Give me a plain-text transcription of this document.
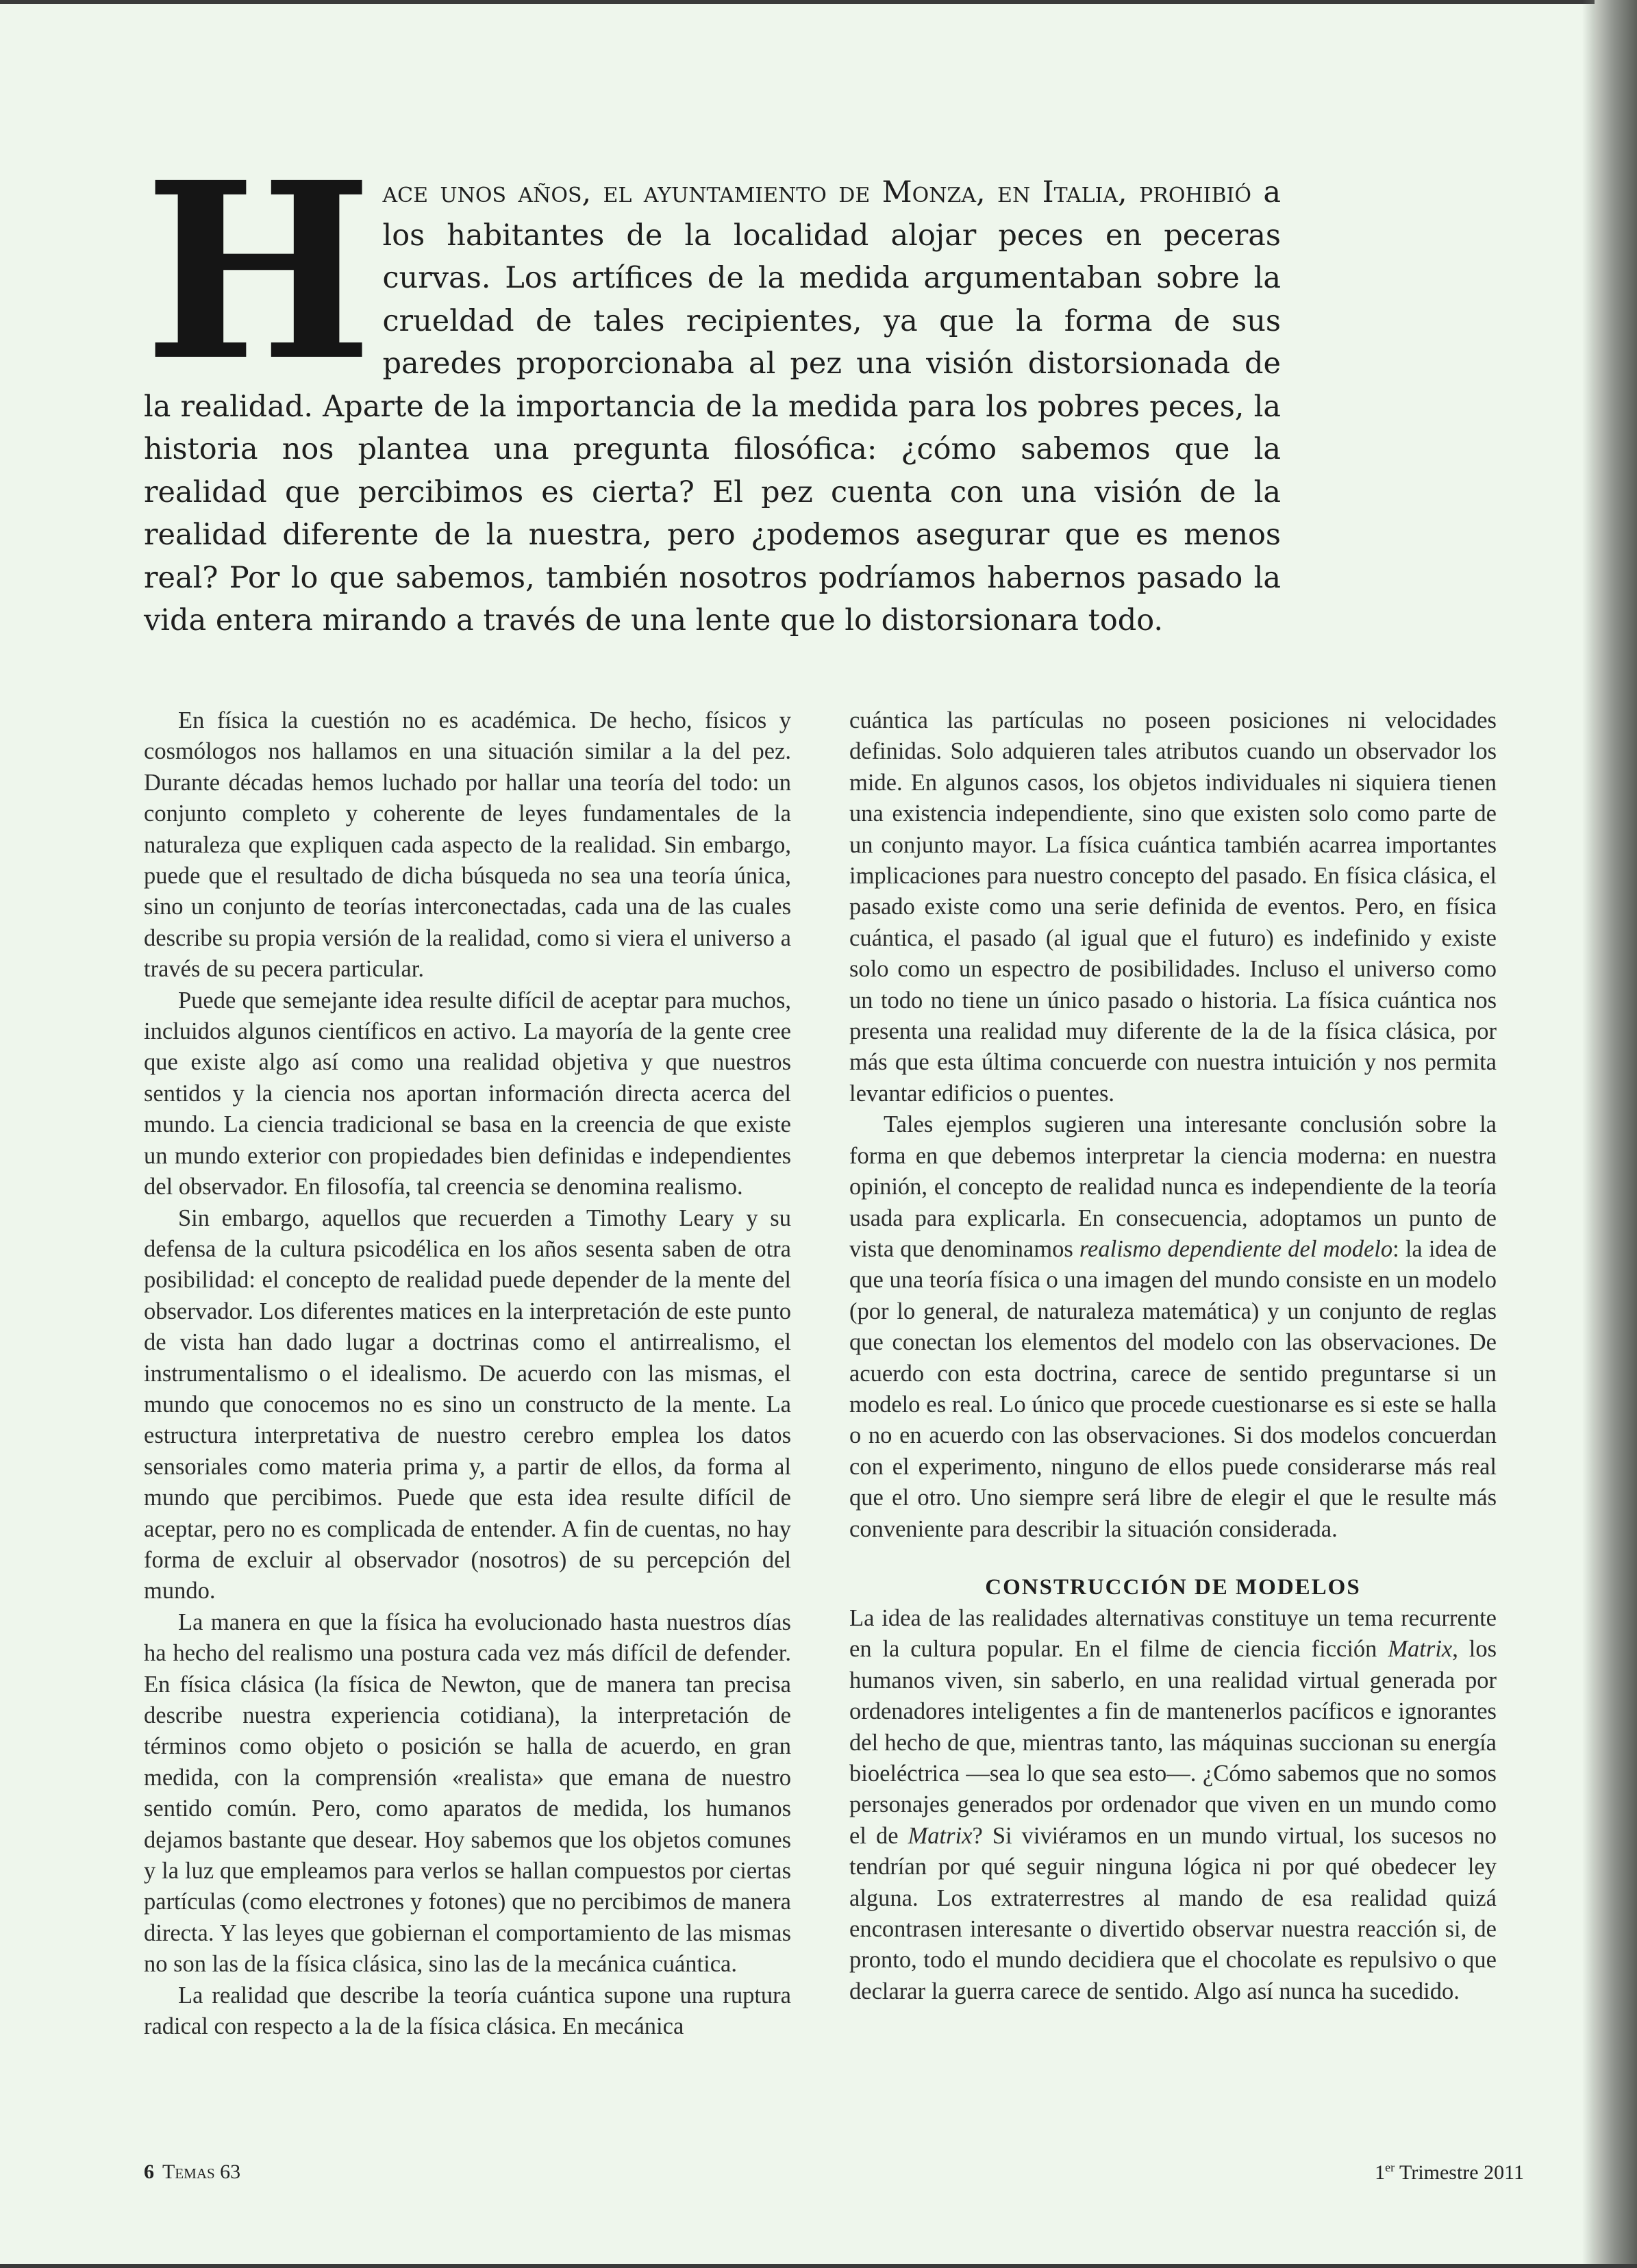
H ace unos años, el ayuntamiento de Monza, en Italia, prohibió a los habitantes de la localidad alojar peces en peceras curvas. Los artífices de la medida argumentaban sobre la crueldad de tales recipientes, ya que la forma de sus paredes proporcionaba al pez una visión distorsionada de la realidad. Aparte de la importancia de la medida para los pobres peces, la historia nos plantea una pregunta filosófica: ¿cómo sabemos que la realidad que percibimos es cierta? El pez cuenta con una visión de la realidad diferente de la nuestra, pero ¿podemos asegurar que es menos real? Por lo que sabemos, también nosotros podríamos habernos pasado la vida entera mirando a través de una lente que lo distorsionara todo.

En física la cuestión no es académica. De hecho, físicos y cosmólogos nos hallamos en una situación similar a la del pez. Durante décadas hemos luchado por hallar una teoría del todo: un conjunto completo y coherente de leyes fundamentales de la naturaleza que expliquen cada aspecto de la realidad. Sin embargo, puede que el resultado de dicha búsqueda no sea una teoría única, sino un conjunto de teorías interconectadas, cada una de las cuales describe su propia versión de la realidad, como si viera el universo a través de su pecera particular.

Puede que semejante idea resulte difícil de aceptar para muchos, incluidos algunos científicos en activo. La mayoría de la gente cree que existe algo así como una realidad objetiva y que nuestros sentidos y la ciencia nos aportan información directa acerca del mundo. La ciencia tradicional se basa en la creencia de que existe un mundo exterior con propiedades bien definidas e independientes del observador. En filosofía, tal creencia se denomina realismo.

Sin embargo, aquellos que recuerden a Timothy Leary y su defensa de la cultura psicodélica en los años sesenta saben de otra posibilidad: el concepto de realidad puede depender de la mente del observador. Los diferentes matices en la interpretación de este punto de vista han dado lugar a doctrinas como el antirrealismo, el instrumentalismo o el idealismo. De acuerdo con las mismas, el mundo que conocemos no es sino un constructo de la mente. La estructura interpretativa de nuestro cerebro emplea los datos sensoriales como materia prima y, a partir de ellos, da forma al mundo que percibimos. Puede que esta idea resulte difícil de aceptar, pero no es complicada de entender. A fin de cuentas, no hay forma de excluir al observador (nosotros) de su percepción del mundo.

La manera en que la física ha evolucionado hasta nuestros días ha hecho del realismo una postura cada vez más difícil de defender. En física clásica (la física de Newton, que de manera tan precisa describe nuestra experiencia cotidiana), la interpretación de términos como objeto o posición se halla de acuerdo, en gran medida, con la comprensión «realista» que emana de nuestro sentido común. Pero, como aparatos de medida, los humanos dejamos bastante que desear. Hoy sabemos que los objetos comunes y la luz que empleamos para verlos se hallan compuestos por ciertas partículas (como electrones y fotones) que no percibimos de manera directa. Y las leyes que gobiernan el comportamiento de las mismas no son las de la física clásica, sino las de la mecánica cuántica.

La realidad que describe la teoría cuántica supone una ruptura radical con respecto a la de la física clásica. En mecánica

cuántica las partículas no poseen posiciones ni velocidades definidas. Solo adquieren tales atributos cuando un observador los mide. En algunos casos, los objetos individuales ni siquiera tienen una existencia independiente, sino que existen solo como parte de un conjunto mayor. La física cuántica también acarrea importantes implicaciones para nuestro concepto del pasado. En física clásica, el pasado existe como una serie definida de eventos. Pero, en física cuántica, el pasado (al igual que el futuro) es indefinido y existe solo como un espectro de posibilidades. Incluso el universo como un todo no tiene un único pasado o historia. La física cuántica nos presenta una realidad muy diferente de la de la física clásica, por más que esta última concuerde con nuestra intuición y nos permita levantar edificios o puentes.

Tales ejemplos sugieren una interesante conclusión sobre la forma en que debemos interpretar la ciencia moderna: en nuestra opinión, el concepto de realidad nunca es independiente de la teoría usada para explicarla. En consecuencia, adoptamos un punto de vista que denominamos realismo dependiente del modelo: la idea de que una teoría física o una imagen del mundo consiste en un modelo (por lo general, de naturaleza matemática) y un conjunto de reglas que conectan los elementos del modelo con las observaciones. De acuerdo con esta doctrina, carece de sentido preguntarse si un modelo es real. Lo único que procede cuestionarse es si este se halla o no en acuerdo con las observaciones. Si dos modelos concuerdan con el experimento, ninguno de ellos puede considerarse más real que el otro. Uno siempre será libre de elegir el que le resulte más conveniente para describir la situación considerada.

CONSTRUCCIÓN DE MODELOS

La idea de las realidades alternativas constituye un tema recurrente en la cultura popular. En el filme de ciencia ficción Matrix, los humanos viven, sin saberlo, en una realidad virtual generada por ordenadores inteligentes a fin de mantenerlos pacíficos e ignorantes del hecho de que, mientras tanto, las máquinas succionan su energía bioeléctrica —sea lo que sea esto—. ¿Cómo sabemos que no somos personajes generados por ordenador que viven en un mundo como el de Matrix? Si viviéramos en un mundo virtual, los sucesos no tendrían por qué seguir ninguna lógica ni por qué obedecer ley alguna. Los extraterrestres al mando de esa realidad quizá encontrasen interesante o divertido observar nuestra reacción si, de pronto, todo el mundo decidiera que el chocolate es repulsivo o que declarar la guerra carece de sentido. Algo así nunca ha sucedido.

6 Temas 63	1er Trimestre 2011
